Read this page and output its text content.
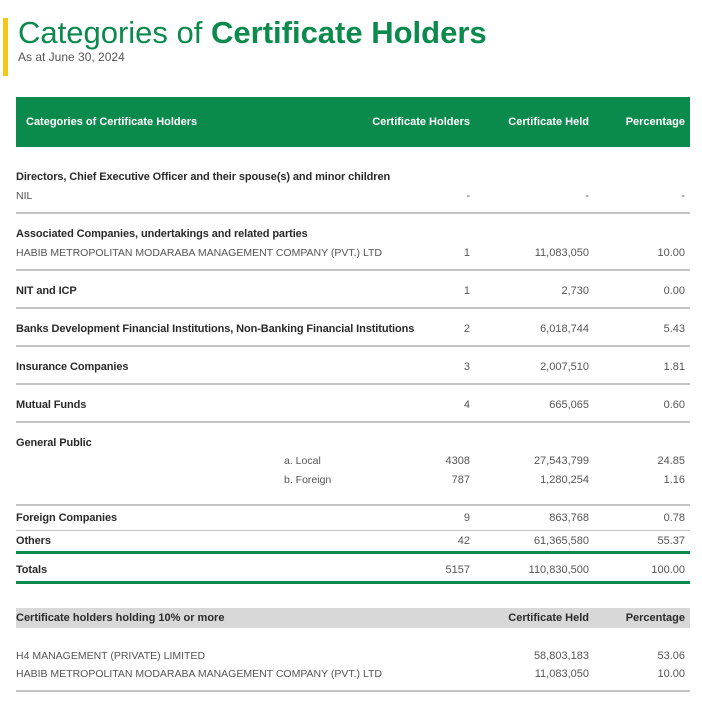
Categories of Certificate Holders
As at June 30, 2024
Categories of Certificate Holders	Certificate Holders	Certificate Held	Percentage
Directors, Chief Executive Officer and their spouse(s) and minor children
NIL	-	-	-
Associated Companies, undertakings and related parties
HABIB METROPOLITAN MODARABA MANAGEMENT COMPANY (PVT.) LTD	1	11,083,050	10.00
NIT and ICP	1	2,730	0.00
Banks Development Financial Institutions, Non-Banking Financial Institutions	2	6,018,744	5.43
Insurance Companies	3	2,007,510	1.81
Mutual Funds	4	665,065	0.60
General Public
a. Local	4308	27,543,799	24.85
b. Foreign	787	1,280,254	1.16
Foreign Companies	9	863,768	0.78
Others	42	61,365,580	55.37
Totals	5157	110,830,500	100.00
Certificate holders holding 10% or more	Certificate Held	Percentage
H4 MANAGEMENT (PRIVATE) LIMITED	58,803,183	53.06
HABIB METROPOLITAN MODARABA MANAGEMENT COMPANY (PVT.) LTD	11,083,050	10.00
